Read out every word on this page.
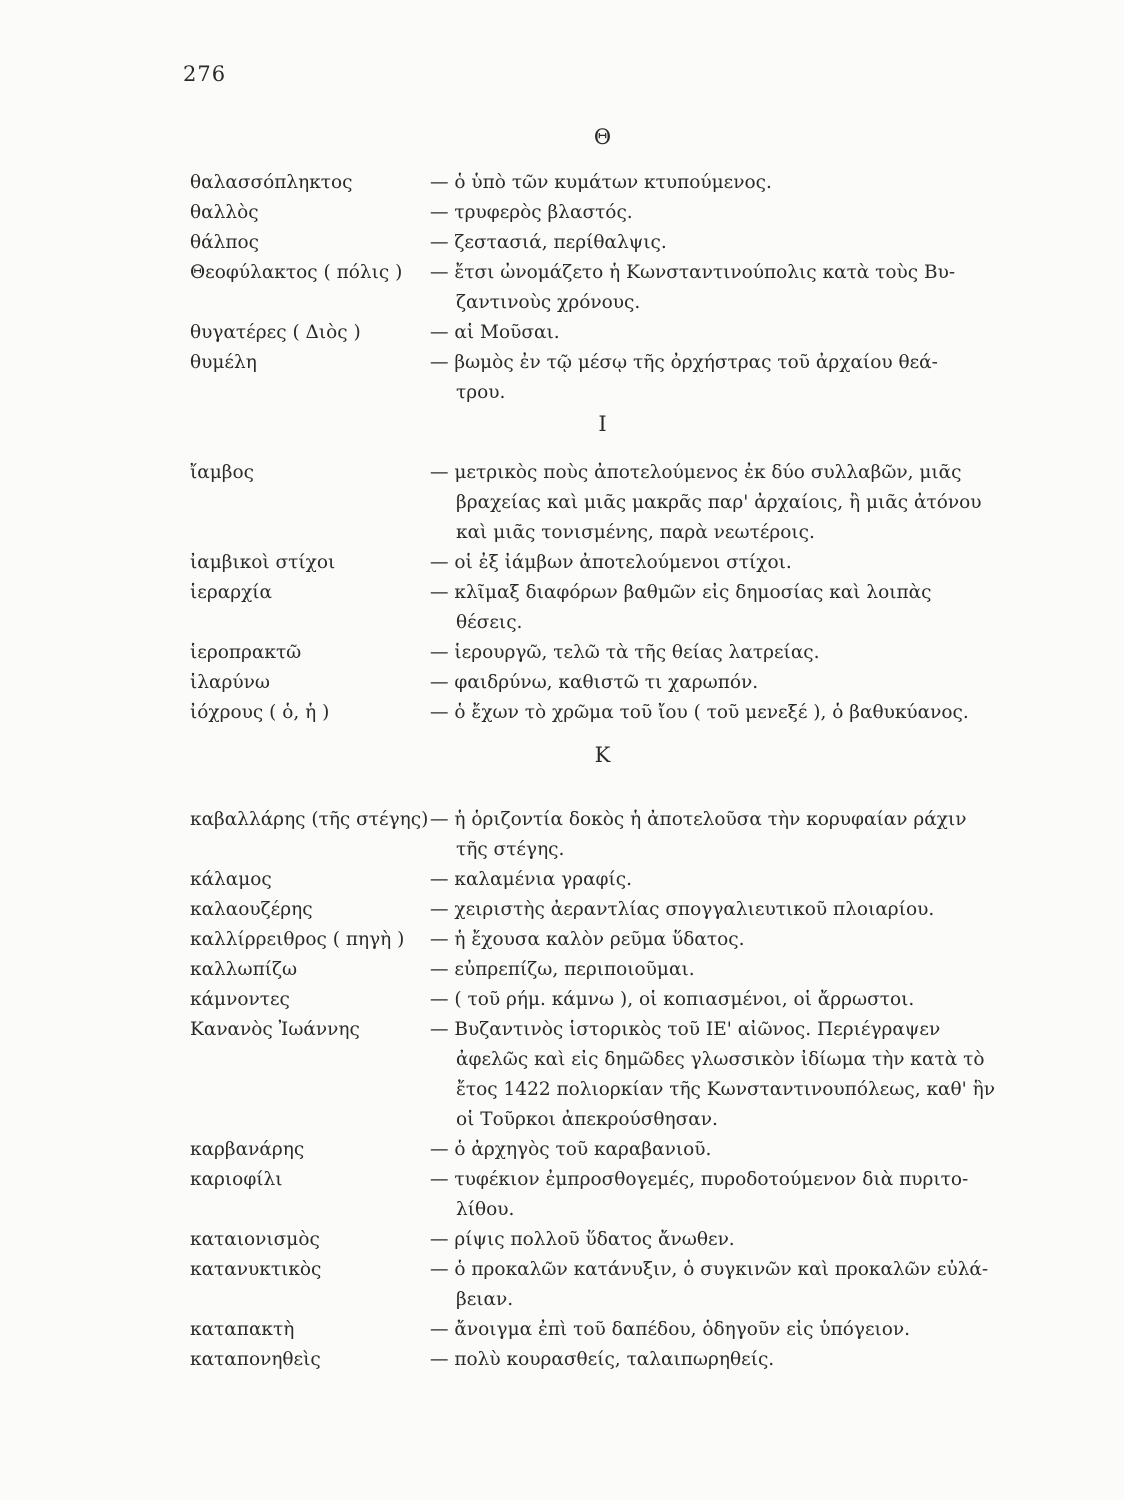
276
Θ
θαλασσόπληκτος	— ὁ ὑπὸ τῶν κυμάτων κτυπούμενος.
θαλλὸς	— τρυφερὸς βλαστός.
θάλπος	— ζεστασιά, περίθαλψις.
Θεοφύλακτος ( πόλις )	— ἔτσι ὠνομάζετο ἡ Κωνσταντινούπολις κατὰ τοὺς Βυ-
ζαντινοὺς χρόνους.
θυγατέρες ( Διὸς )	— αἱ Μοῦσαι.
θυμέλη	— βωμὸς ἐν τῷ μέσῳ τῆς ὀρχήστρας τοῦ ἀρχαίου θεά-
τρου.
Ι
ἴαμβος	— μετρικὸς ποὺς ἀποτελούμενος ἐκ δύο συλλαβῶν, μιᾶς
βραχείας καὶ μιᾶς μακρᾶς παρ' ἀρχαίοις, ἢ μιᾶς ἀτόνου
καὶ μιᾶς τονισμένης, παρὰ νεωτέροις.
ἰαμβικοὶ στίχοι	— οἱ ἐξ ἰάμβων ἀποτελούμενοι στίχοι.
ἱεραρχία	— κλῖμαξ διαφόρων βαθμῶν εἰς δημοσίας καὶ λοιπὰς
θέσεις.
ἱεροπρακτῶ	— ἱερουργῶ, τελῶ τὰ τῆς θείας λατρείας.
ἱλαρύνω	— φαιδρύνω, καθιστῶ τι χαρωπόν.
ἰόχρους ( ὁ, ἡ )	— ὁ ἔχων τὸ χρῶμα τοῦ ἴου ( τοῦ μενεξέ ), ὁ βαθυκύανος.
Κ
καβαλλάρης (τῆς στέγης) — ἡ ὁριζοντία δοκὸς ἡ ἀποτελοῦσα τὴν κορυφαίαν ράχιν
τῆς στέγης.
κάλαμος	— καλαμένια γραφίς.
καλαουζέρης	— χειριστὴς ἀεραντλίας σπογγαλιευτικοῦ πλοιαρίου.
καλλίρρειθρος ( πηγὴ )	— ἡ ἔχουσα καλὸν ρεῦμα ὕδατος.
καλλωπίζω	— εὐπρεπίζω, περιποιοῦμαι.
κάμνοντες	— ( τοῦ ρήμ. κάμνω ), οἱ κοπιασμένοι, οἱ ἄρρωστοι.
Κανανὸς Ἰωάννης	— Βυζαντινὸς ἱστορικὸς τοῦ ΙΕ' αἰῶνος. Περιέγραψεν
ἀφελῶς καὶ εἰς δημῶδες γλωσσικὸν ἰδίωμα τὴν κατὰ τὸ
ἔτος 1422 πολιορκίαν τῆς Κωνσταντινουπόλεως, καθ' ἣν
οἱ Τοῦρκοι ἀπεκρούσθησαν.
καρβανάρης	— ὁ ἀρχηγὸς τοῦ καραβανιοῦ.
καριοφίλι	— τυφέκιον ἐμπροσθογεμές, πυροδοτούμενον διὰ πυριτο-
λίθου.
καταιονισμὸς	— ρίψις πολλοῦ ὕδατος ἄνωθεν.
κατανυκτικὸς	— ὁ προκαλῶν κατάνυξιν, ὁ συγκινῶν καὶ προκαλῶν εὐλά-
βειαν.
καταπακτὴ	— ἄνοιγμα ἐπὶ τοῦ δαπέδου, ὁδηγοῦν εἰς ὑπόγειον.
καταπονηθεὶς	— πολὺ κουρασθείς, ταλαιπωρηθείς.
